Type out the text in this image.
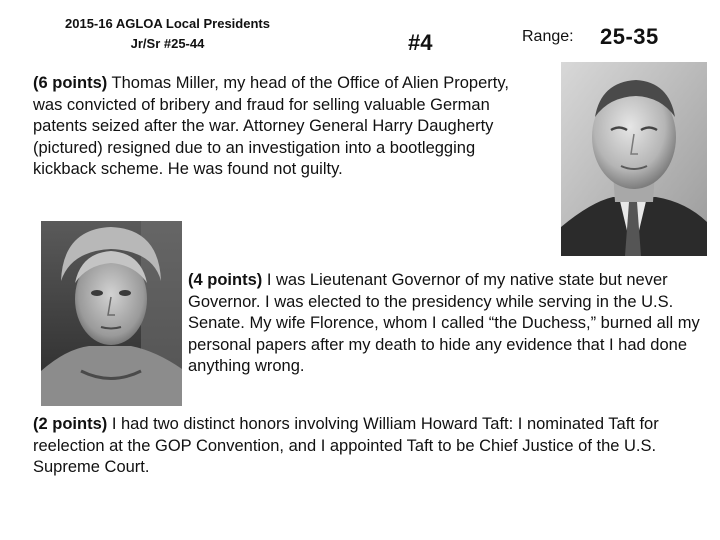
2015-16 AGLOA Local Presidents
Jr/Sr #25-44	#4	Range: 25-35
(6 points) Thomas Miller, my head of the Office of Alien Property, was convicted of bribery and fraud for selling valuable German patents seized after the war. Attorney General Harry Daugherty (pictured) resigned due to an investigation into a bootlegging kickback scheme. He was found not guilty.
(4 points) I was Lieutenant Governor of my native state but never Governor. I was elected to the presidency while serving in the U.S. Senate. My wife Florence, whom I called “the Duchess,” burned all my personal papers after my death to hide any evidence that I had done anything wrong.
(2 points) I had two distinct honors involving William Howard Taft: I nominated Taft for reelection at the GOP Convention, and I appointed Taft to be Chief Justice of the U.S. Supreme Court.
